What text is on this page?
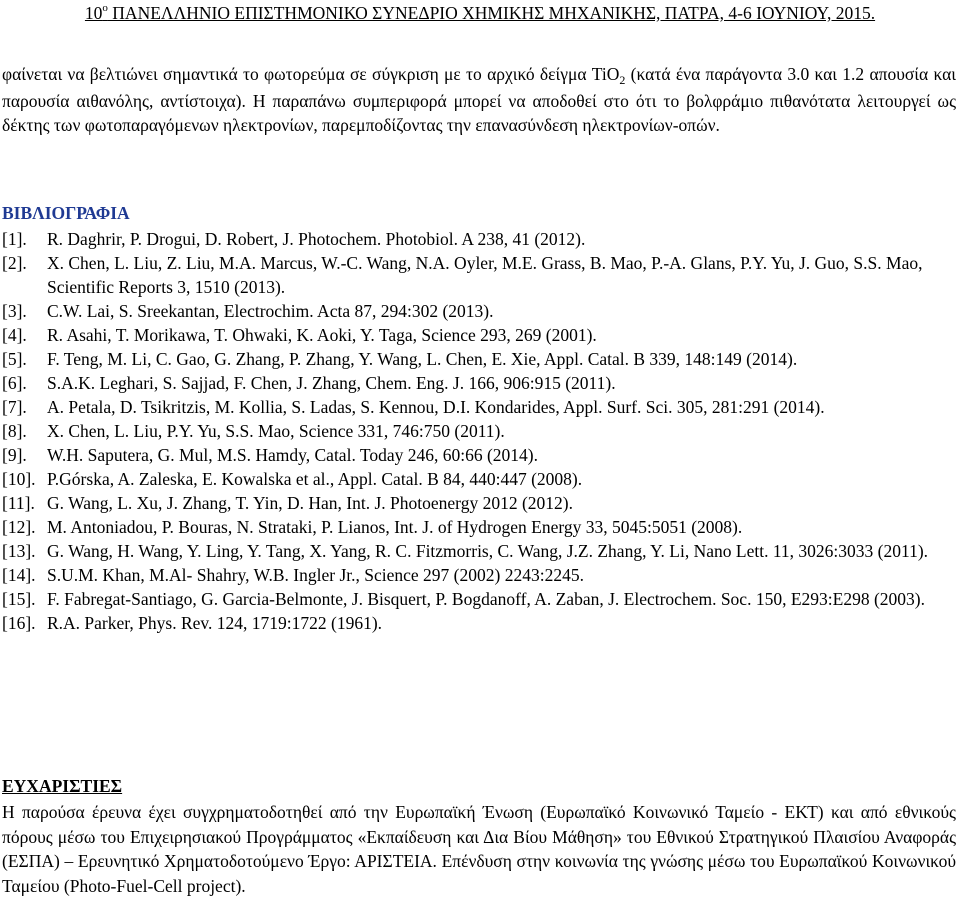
$10^o$ ΠΑΝΕΛΛΗΝΙΟ ΕΠΙΣΤΗΜΟΝΙΚΟ ΣΥΝΕΔΡΙΟ ΧΗΜΙΚΗΣ ΜΗΧΑΝΙΚΗΣ, ΠΑΤΡΑ, 4-6 ΙΟΥΝΙΟΥ, 2015.

φαίνεται να βελτιώνει σημαντικά το φωτορεύμα σε σύγκριση με το αρχικό δείγμα TiO$_2$ (κατά ένα παράγοντα 3.0 και 1.2 απουσία και παρουσία αιθανόλης, αντίστοιχα). Η παραπάνω συμπεριφορά μπορεί να αποδοθεί στο ότι το βολφράμιο πιθανότατα λειτουργεί ως δέκτης των φωτοπαραγόμενων ηλεκτρονίων, παρεμποδίζοντας την επανασύνδεση ηλεκτρονίων-οπών.

ΒΙΒΛΙΟΓΡΑΦΙΑ
[1].	R. Daghrir, P. Drogui, D. Robert, J. Photochem. Photobiol. A 238, 41 (2012).
[2].	X. Chen, L. Liu, Z. Liu, M.A. Marcus, W.-C. Wang, N.A. Oyler, M.E. Grass, B. Mao, P.-A. Glans, P.Y. Yu, J. Guo, S.S. Mao, Scientific Reports 3, 1510 (2013).
[3].	C.W. Lai, S. Sreekantan, Electrochim. Acta 87, 294:302 (2013).
[4].	R. Asahi, T. Morikawa, T. Ohwaki, K. Aoki, Y. Taga, Science 293, 269 (2001).
[5].	F. Teng, M. Li, C. Gao, G. Zhang, P. Zhang, Y. Wang, L. Chen, E. Xie, Appl. Catal. B 339, 148:149 (2014).
[6].	S.A.K. Leghari, S. Sajjad, F. Chen, J. Zhang, Chem. Eng. J. 166, 906:915 (2011).
[7].	A. Petala, D. Tsikritzis, M. Kollia, S. Ladas, S. Kennou, D.I. Kondarides, Appl. Surf. Sci. 305, 281:291 (2014).
[8].	X. Chen, L. Liu, P.Y. Yu, S.S. Mao, Science 331, 746:750 (2011).
[9].	W.H. Saputera, G. Mul, M.S. Hamdy, Catal. Today 246, 60:66 (2014).
[10]. P.Górska, A. Zaleska, E. Kowalska et al., Appl. Catal. B 84, 440:447 (2008).
[11]. G. Wang, L. Xu, J. Zhang, T. Yin, D. Han, Int. J. Photoenergy 2012 (2012).
[12]. M. Antoniadou, P. Bouras, N. Strataki, P. Lianos, Int. J. of Hydrogen Energy 33, 5045:5051 (2008).
[13]. G. Wang, H. Wang, Y. Ling, Y. Tang, X. Yang, R. C. Fitzmorris, C. Wang, J.Z. Zhang, Y. Li, Nano Lett. 11, 3026:3033 (2011).
[14]. S.U.M. Khan, M.Al- Shahry, W.B. Ingler Jr., Science 297 (2002) 2243:2245.
[15]. F. Fabregat-Santiago, G. Garcia-Belmonte, J. Bisquert, P. Bogdanoff, A. Zaban, J. Electrochem. Soc. 150, E293:E298 (2003).
[16]. R.A. Parker, Phys. Rev. 124, 1719:1722 (1961).
ΕΥΧΑΡΙΣΤΙΕΣ

Η παρούσα έρευνα έχει συγχρηματοδοτηθεί από την Ευρωπαϊκή Ένωση (Ευρωπαϊκό Κοινωνικό Ταμείο - ΕΚΤ) και από εθνικούς πόρους μέσω του Επιχειρησιακού Προγράμματος «Εκπαίδευση και Δια Βίου Μάθηση» του Εθνικού Στρατηγικού Πλαισίου Αναφοράς (ΕΣΠΑ) – Ερευνητικό Χρηματοδοτούμενο Έργο: ΑΡΙΣΤΕΙΑ. Επένδυση στην κοινωνία της γνώσης μέσω του Ευρωπαϊκού Κοινωνικού Ταμείου (Photo-Fuel-Cell project).
